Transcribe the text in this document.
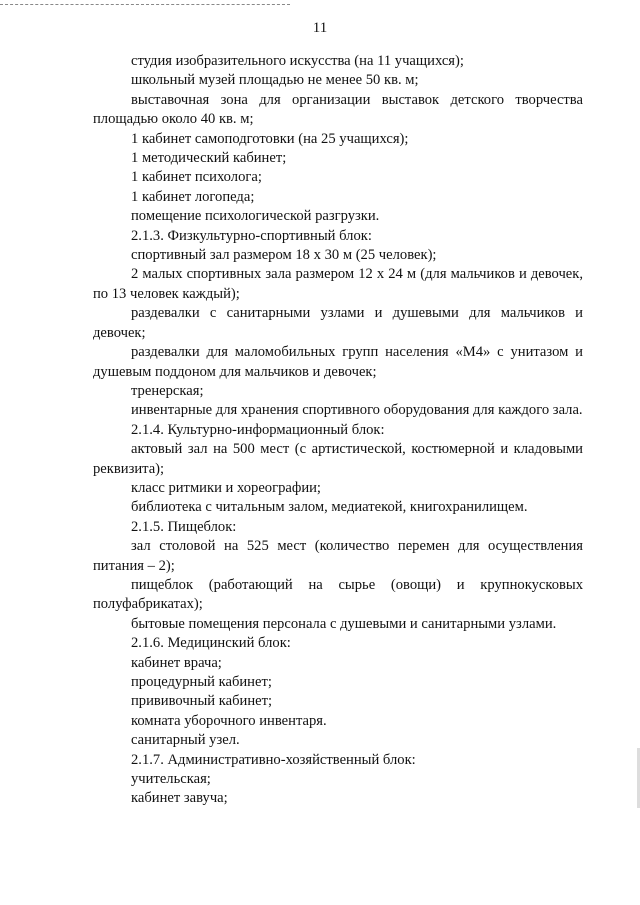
11

студия изобразительного искусства (на 11 учащихся);

школьный музей площадью не менее 50 кв. м;

выставочная зона для организации выставок детского творчества площадью около 40 кв. м;

1 кабинет самоподготовки (на 25 учащихся);

1 методический кабинет;

1 кабинет психолога;

1 кабинет логопеда;

помещение психологической разгрузки.

2.1.3. Физкультурно-спортивный блок:

спортивный зал размером 18 х 30 м (25 человек);

2 малых спортивных зала размером 12 х 24 м (для мальчиков и девочек, по 13 человек каждый);

раздевалки с санитарными узлами и душевыми для мальчиков и девочек;

раздевалки для маломобильных групп населения «М4» с унитазом и душевым поддоном для мальчиков и девочек;

тренерская;

инвентарные для хранения спортивного оборудования для каждого зала.

2.1.4. Культурно-информационный блок:

актовый зал на 500 мест (с артистической, костюмерной и кладовыми реквизита);

класс ритмики и хореографии;

библиотека с читальным залом, медиатекой, книгохранилищем.

2.1.5. Пищеблок:

зал столовой на 525 мест (количество перемен для осуществления питания – 2);

пищеблок (работающий на сырье (овощи) и крупнокусковых полуфабрикатах);

бытовые помещения персонала с душевыми и санитарными узлами.

2.1.6. Медицинский блок:

кабинет врача;

процедурный кабинет;

прививочный кабинет;

комната уборочного инвентаря.

санитарный узел.

2.1.7. Административно-хозяйственный блок:

учительская;

кабинет завуча;
